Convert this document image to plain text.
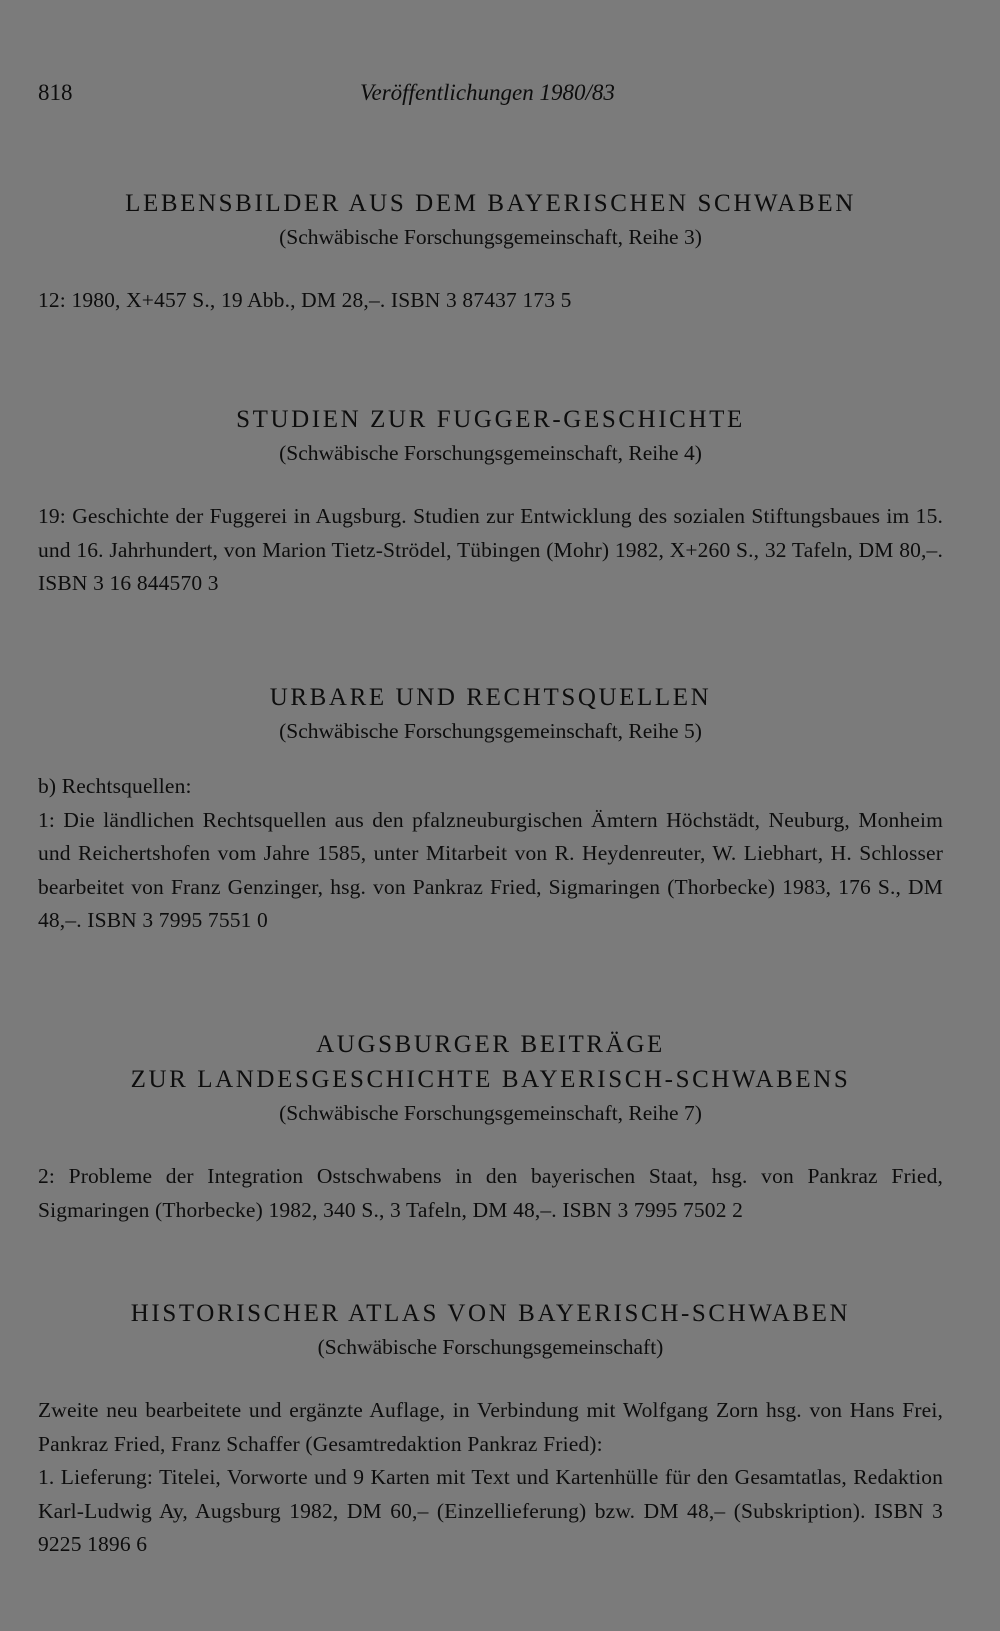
818	Veröffentlichungen 1980/83
LEBENSBILDER AUS DEM BAYERISCHEN SCHWABEN

(Schwäbische Forschungsgemeinschaft, Reihe 3)

12: 1980, X+457 S., 19 Abb., DM 28,–. ISBN 3 87437 173 5

STUDIEN ZUR FUGGER-GESCHICHTE

(Schwäbische Forschungsgemeinschaft, Reihe 4)

19: Geschichte der Fuggerei in Augsburg. Studien zur Entwicklung des sozialen Stiftungsbaues im 15. und 16. Jahrhundert, von Marion Tietz-Strödel, Tübingen (Mohr) 1982, X+260 S., 32 Tafeln, DM 80,–. ISBN 3 16 844570 3

URBARE UND RECHTSQUELLEN

(Schwäbische Forschungsgemeinschaft, Reihe 5)

b) Rechtsquellen:

1: Die ländlichen Rechtsquellen aus den pfalzneuburgischen Ämtern Höchstädt, Neuburg, Monheim und Reichertshofen vom Jahre 1585, unter Mitarbeit von R. Heydenreuter, W. Liebhart, H. Schlosser bearbeitet von Franz Genzinger, hsg. von Pankraz Fried, Sigmaringen (Thorbecke) 1983, 176 S., DM 48,–. ISBN 3 7995 7551 0

AUGSBURGER BEITRÄGE
ZUR LANDESGESCHICHTE BAYERISCH-SCHWABENS

(Schwäbische Forschungsgemeinschaft, Reihe 7)

2: Probleme der Integration Ostschwabens in den bayerischen Staat, hsg. von Pankraz Fried, Sigmaringen (Thorbecke) 1982, 340 S., 3 Tafeln, DM 48,–. ISBN 3 7995 7502 2

HISTORISCHER ATLAS VON BAYERISCH-SCHWABEN

(Schwäbische Forschungsgemeinschaft)

Zweite neu bearbeitete und ergänzte Auflage, in Verbindung mit Wolfgang Zorn hsg. von Hans Frei, Pankraz Fried, Franz Schaffer (Gesamtredaktion Pankraz Fried):

1. Lieferung: Titelei, Vorworte und 9 Karten mit Text und Kartenhülle für den Gesamtatlas, Redaktion Karl-Ludwig Ay, Augsburg 1982, DM 60,– (Einzellieferung) bzw. DM 48,– (Subskription). ISBN 3 9225 1896 6
